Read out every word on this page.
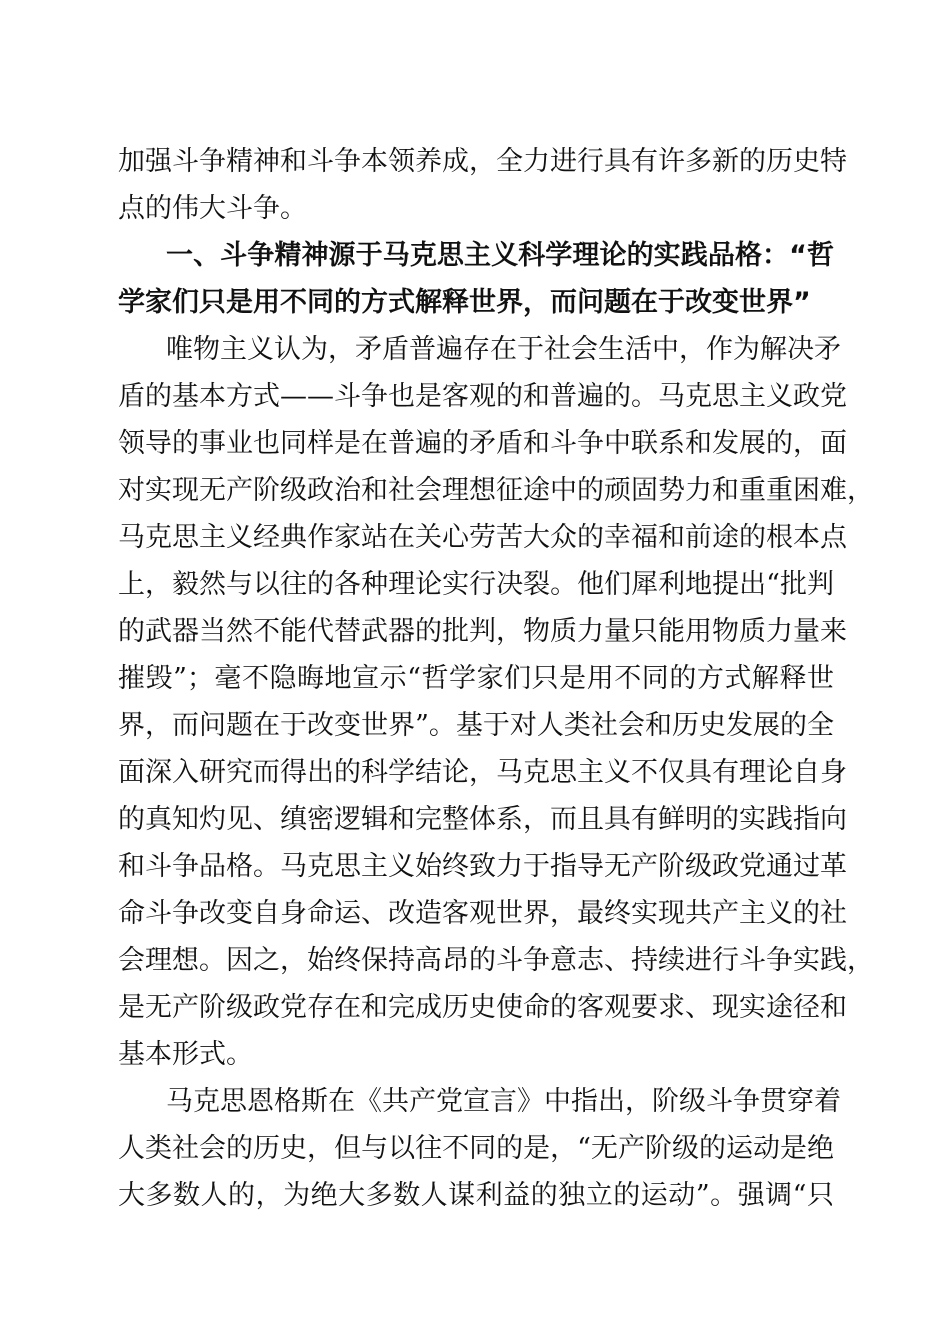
加强斗争精神和斗争本领养成，全力进行具有许多新的历史特
点的伟大斗争。
一、斗争精神源于马克思主义科学理论的实践品格：“哲
学家们只是用不同的方式解释世界，而问题在于改变世界”
唯物主义认为，矛盾普遍存在于社会生活中，作为解决矛
盾的基本方式——斗争也是客观的和普遍的。马克思主义政党
领导的事业也同样是在普遍的矛盾和斗争中联系和发展的，面
对实现无产阶级政治和社会理想征途中的顽固势力和重重困难，
马克思主义经典作家站在关心劳苦大众的幸福和前途的根本点
上，毅然与以往的各种理论实行决裂。他们犀利地提出“批判
的武器当然不能代替武器的批判，物质力量只能用物质力量来
摧毁”；毫不隐晦地宣示“哲学家们只是用不同的方式解释世
界，而问题在于改变世界”。基于对人类社会和历史发展的全
面深入研究而得出的科学结论，马克思主义不仅具有理论自身
的真知灼见、缜密逻辑和完整体系，而且具有鲜明的实践指向
和斗争品格。马克思主义始终致力于指导无产阶级政党通过革
命斗争改变自身命运、改造客观世界，最终实现共产主义的社
会理想。因之，始终保持高昂的斗争意志、持续进行斗争实践，
是无产阶级政党存在和完成历史使命的客观要求、现实途径和
基本形式。
马克思恩格斯在《共产党宣言》中指出，阶级斗争贯穿着
人类社会的历史，但与以往不同的是，“无产阶级的运动是绝
大多数人的，为绝大多数人谋利益的独立的运动”。强调“只
